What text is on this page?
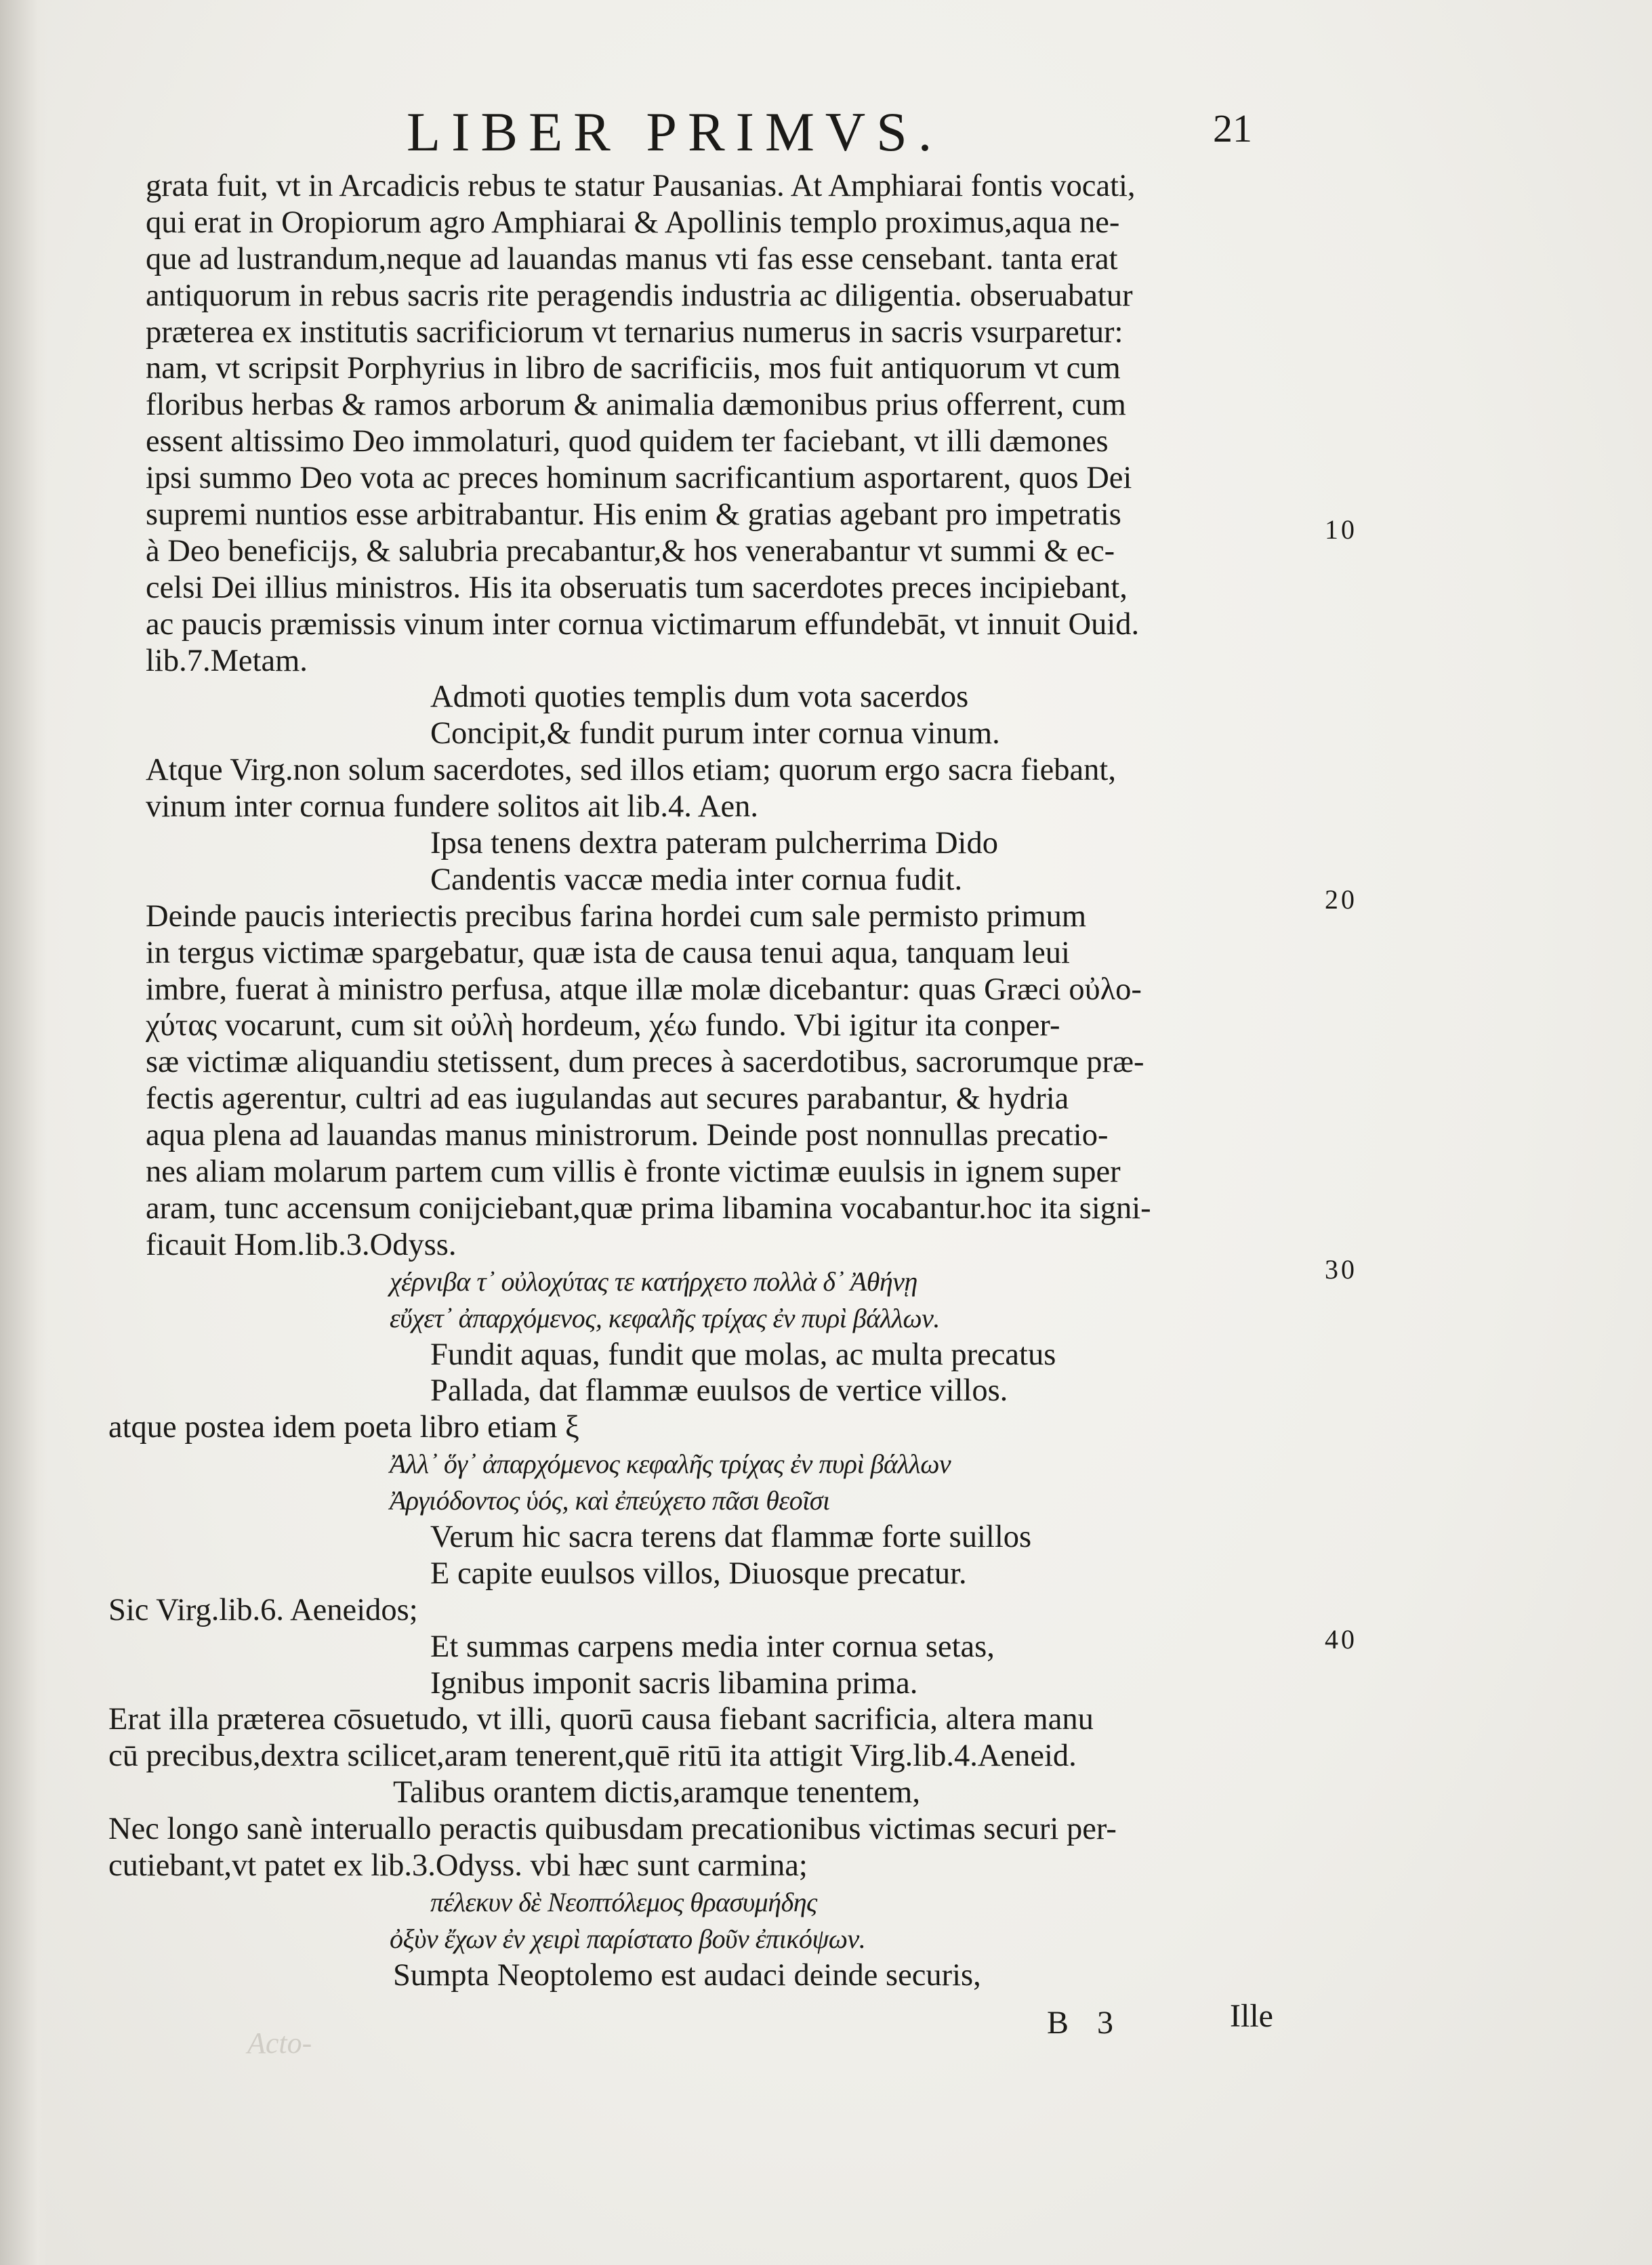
LIBER PRIMVS.	21
grata fuit, vt in Arcadicis rebus te statur Pausanias. At Amphiarai fontis vocati,
qui erat in Oropiorum agro Amphiarai & Apollinis templo proximus,aqua ne-
que ad lustrandum,neque ad lauandas manus vti fas esse censebant. tanta erat
antiquorum in rebus sacris rite peragendis industria ac diligentia. obseruabatur
præterea ex institutis sacrificiorum vt ternarius numerus in sacris vsurparetur:
nam, vt scripsit Porphyrius in libro de sacrificiis, mos fuit antiquorum vt cum
floribus herbas & ramos arborum & animalia dæmonibus prius offerrent, cum
essent altissimo Deo immolaturi, quod quidem ter faciebant, vt illi dæmones
ipsi summo Deo vota ac preces hominum sacrificantium asportarent, quos Dei
supremi nuntios esse arbitrabantur. His enim & gratias agebant pro impetratis
à Deo beneficijs, & salubria precabantur,& hos venerabantur vt summi & ec-
celsi Dei illius ministros. His ita obseruatis tum sacerdotes preces incipiebant,
ac paucis præmissis vinum inter cornua victimarum effundebāt, vt innuit Ouid.
lib.7.Metam.
Admoti quoties templis dum vota sacerdos
Concipit,& fundit purum inter cornua vinum.
Atque Virg.non solum sacerdotes, sed illos etiam; quorum ergo sacra fiebant,
vinum inter cornua fundere solitos ait lib.4. Aen.
Ipsa tenens dextra pateram pulcherrima Dido
Candentis vaccæ media inter cornua fudit.
Deinde paucis interiectis precibus farina hordei cum sale permisto primum
in tergus victimæ spargebatur, quæ ista de causa tenui aqua, tanquam leui
imbre, fuerat à ministro perfusa, atque illæ molæ dicebantur: quas Græci οὐλο-
χύτας vocarunt, cum sit οὐλὴ hordeum, χέω fundo. Vbi igitur ita conper-
sæ victimæ aliquandiu stetissent, dum preces à sacerdotibus, sacrorumque præ-
fectis agerentur, cultri ad eas iugulandas aut secures parabantur, & hydria
aqua plena ad lauandas manus ministrorum. Deinde post nonnullas precatio-
nes aliam molarum partem cum villis è fronte victimæ euulsis in ignem super
aram, tunc accensum conijciebant,quæ prima libamina vocabantur.hoc ita signi-
ficauit Hom.lib.3.Odyss.
χέρνιβα τ᾽ οὐλοχύτας τε κατήρχετο πολλὰ δ᾽ Ἀθήνῃ
εὔχετ᾽ ἀπαρχόμενος, κεφαλῆς τρίχας ἐν πυρὶ βάλλων.
Fundit aquas, fundit que molas, ac multa precatus
Pallada, dat flammæ euulsos de vertice villos.
atque postea idem poeta libro etiam ξ
Ἀλλ᾽ ὅγ᾽ ἀπαρχόμενος κεφαλῆς τρίχας ἐν πυρὶ βάλλων
Ἀργιόδοντος ὑός, καὶ ἐπεύχετο πᾶσι θεοῖσι
Verum hic sacra terens dat flammæ forte suillos
E capite euulsos villos, Diuosque precatur.
Sic Virg.lib.6. Aeneidos;
Et summas carpens media inter cornua setas,
Ignibus imponit sacris libamina prima.
Erat illa præterea cōsuetudo, vt illi, quorū causa fiebant sacrificia, altera manu
cū precibus,dextra scilicet,aram tenerent,quē ritū ita attigit Virg.lib.4.Aeneid.
Talibus orantem dictis,aramque tenentem,
Nec longo sanè interuallo peractis quibusdam precationibus victimas securi per-
cutiebant,vt patet ex lib.3.Odyss. vbi hæc sunt carmina;
πέλεκυν δὲ Νεοπτόλεμος θρασυμήδης
ὀξὺν ἔχων ἐν χειρὶ παρίστατο βοῦν ἐπικόψων.
Sumpta Neoptolemo est audaci deinde securis,
10
20
30
40
Acto-
B 3	Ille
